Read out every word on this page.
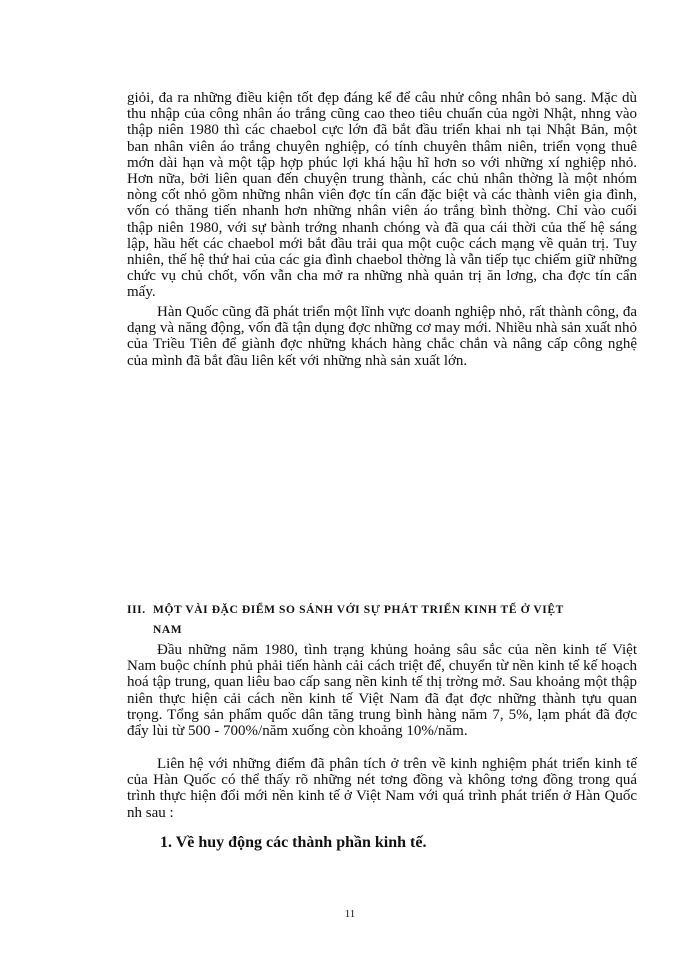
giỏi, đa ra những điều kiện tốt đẹp đáng kể để câu nhử công nhân bỏ sang. Mặc dù thu nhập của công nhân áo trắng cũng cao theo tiêu chuẩn của ngời Nhật, nhng vào thập niên 1980 thì các chaebol cực lớn đã bắt đầu triển khai nh tại Nhật Bản, một ban nhân viên áo trắng chuyên nghiệp, có tính chuyên thâm niên, triển vọng thuê mớn dài hạn và một tập hợp phúc lợi khá hậu hĩ hơn so với những xí nghiệp nhỏ. Hơn nữa, bởi liên quan đến chuyện trung thành, các chủ nhân thờng là một nhóm nòng cốt nhỏ gồm những nhân viên đợc tín cẩn đặc biệt và các thành viên gia đình, vốn có thăng tiến nhanh hơn những nhân viên áo trắng bình thờng. Chỉ vào cuối thập niên 1980, với sự bành trớng nhanh chóng và đã qua cái thời của thế hệ sáng lập, hầu hết các chaebol mới bắt đầu trải qua một cuộc cách mạng về quản trị. Tuy nhiên, thế hệ thứ hai của các gia đình chaebol thờng là vẫn tiếp tục chiếm giữ những chức vụ chủ chốt, vốn vẫn cha mở ra những nhà quản trị ăn lơng, cha đợc tín cẩn mấy.

Hàn Quốc cũng đã phát triển một lĩnh vực doanh nghiệp nhỏ, rất thành công, đa dạng và năng động, vốn đã tận dụng đợc những cơ may mới. Nhiều nhà sản xuất nhỏ của Triều Tiên để giành đợc những khách hàng chắc chắn và nâng cấp công nghệ của mình đã bắt đầu liên kết với những nhà sản xuất lớn.

III. MỘT VÀI ĐẶC ĐIỂM SO SÁNH VỚI SỰ PHÁT TRIỂN KINH TẾ Ở VIỆT
NAM

Đầu những năm 1980, tình trạng khủng hoảng sâu sắc của nền kinh tế Việt Nam buộc chính phủ phải tiến hành cải cách triệt để, chuyển từ nền kinh tế kế hoạch hoá tập trung, quan liêu bao cấp sang nền kinh tế thị trờng mở. Sau khoảng một thập niên thực hiện cải cách nền kinh tế Việt Nam đã đạt đợc những thành tựu quan trọng. Tổng sản phẩm quốc dân tăng trung bình hàng năm 7, 5%, lạm phát đã đợc đẩy lùi từ 500 - 700%/năm xuống còn khoảng 10%/năm.

Liên hệ với những điểm đã phân tích ở trên về kinh nghiệm phát triển kinh tế của Hàn Quốc có thể thấy rõ những nét tơng đồng và không tơng đồng trong quá trình thực hiện đổi mới nền kinh tế ở Việt Nam với quá trình phát triển ở Hàn Quốc nh sau :

1. Về huy động các thành phần kinh tế.
11
